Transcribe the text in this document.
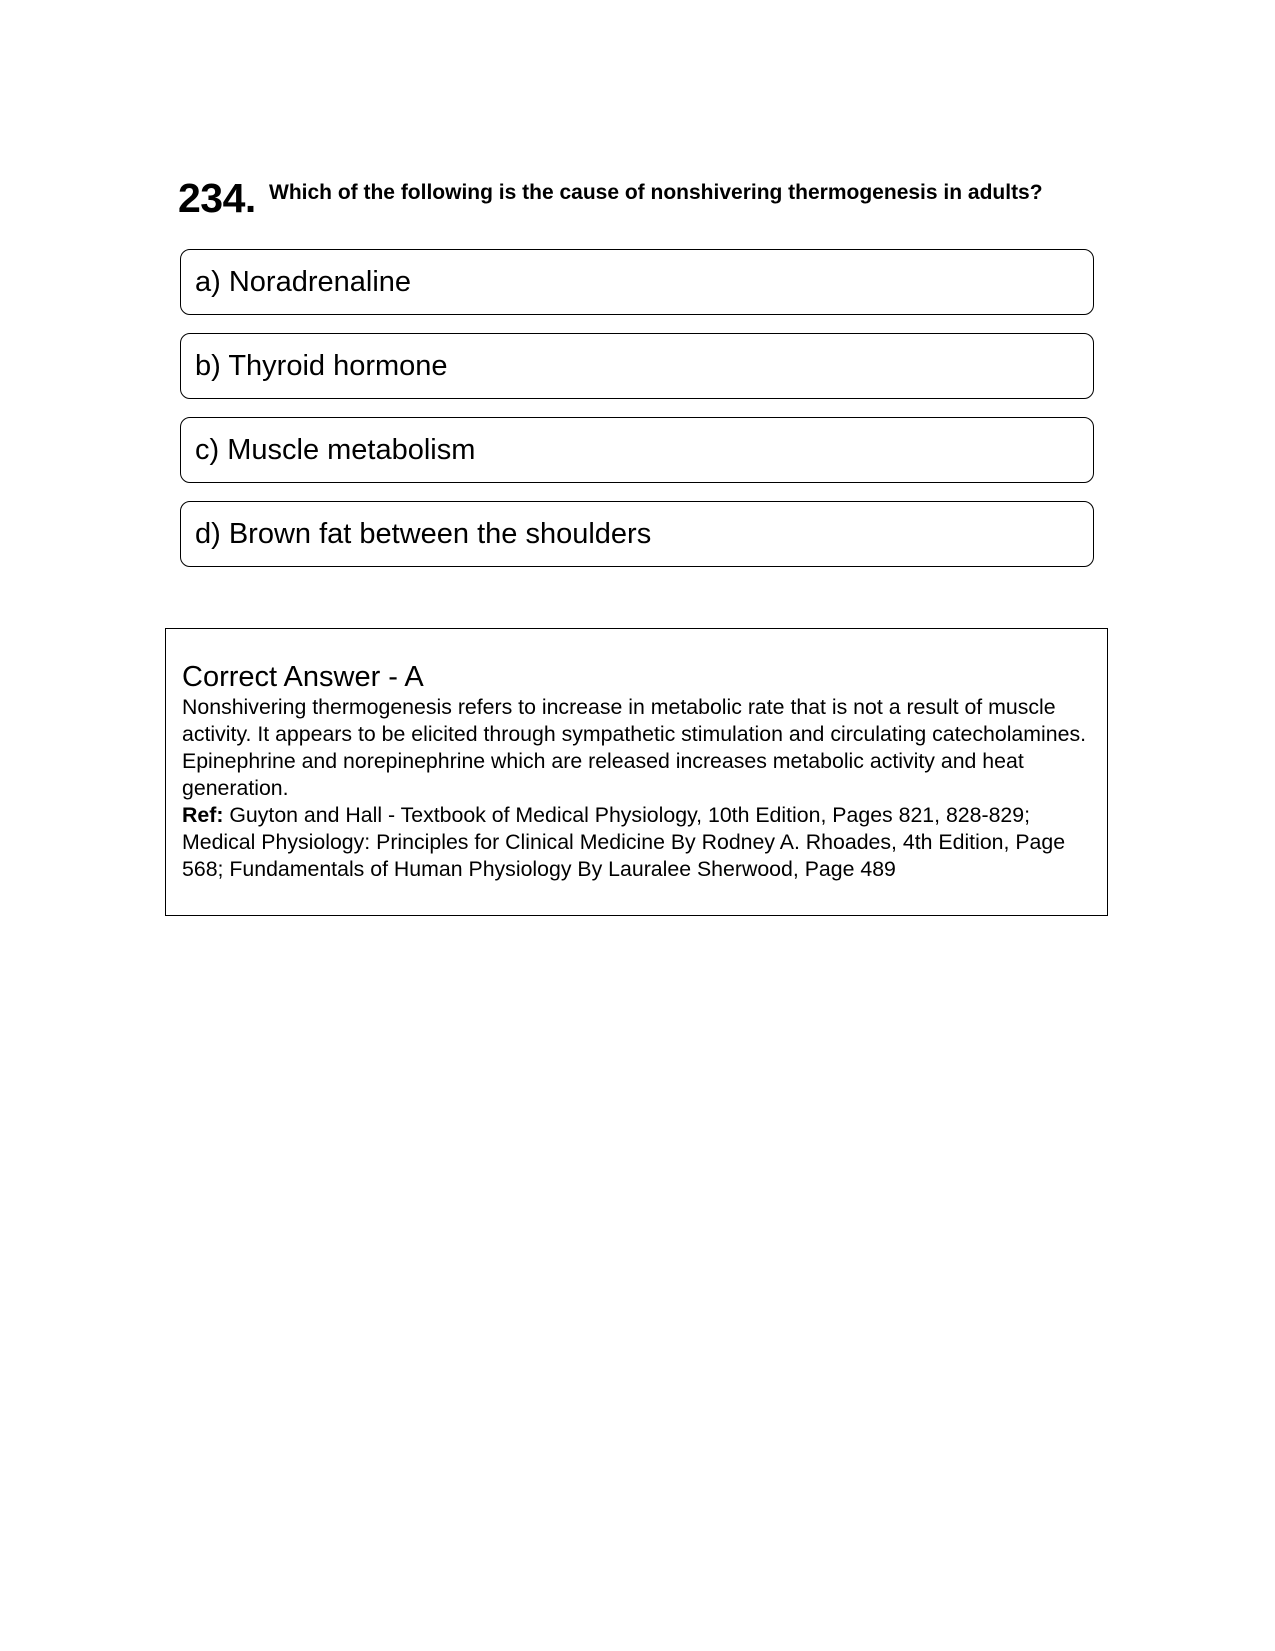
234. Which of the following is the cause of nonshivering thermogenesis in adults?
a) Noradrenaline
b) Thyroid hormone
c) Muscle metabolism
d) Brown fat between the shoulders
Correct Answer - A
Nonshivering thermogenesis refers to increase in metabolic rate that is not a result of muscle activity. It appears to be elicited through sympathetic stimulation and circulating catecholamines. Epinephrine and norepinephrine which are released increases metabolic activity and heat generation.
Ref: Guyton and Hall - Textbook of Medical Physiology, 10th Edition, Pages 821, 828-829; Medical Physiology: Principles for Clinical Medicine By Rodney A. Rhoades, 4th Edition, Page 568; Fundamentals of Human Physiology By Lauralee Sherwood, Page 489
